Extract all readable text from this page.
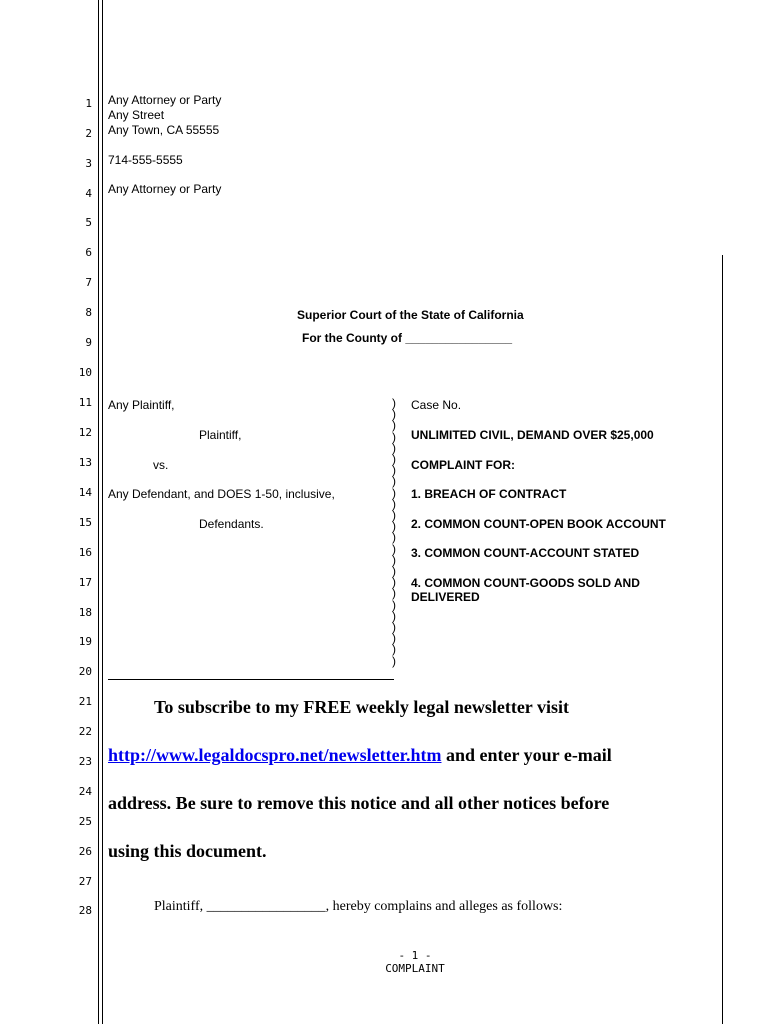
1
2
3
4
5
6
7
8
9
10
11
12
13
14
15
16
17
18
19
20
21
22
23
24
25
26
27
28
Any Attorney or Party
Any Street
Any Town, CA 55555
714-555-5555
Any Attorney or Party
Superior Court of the State of California
For the County of ________________
Any Plaintiff,
Plaintiff,
vs.
Any Defendant, and DOES 1-50, inclusive,
Defendants.
)
)
)
)
)
)
)
)
)
)
)
)
)
)
)
)
)
)
)
)
)
)
)
)
Case No.
UNLIMITED CIVIL, DEMAND OVER $25,000
COMPLAINT FOR:
1. BREACH OF CONTRACT
2. COMMON COUNT-OPEN BOOK ACCOUNT
3. COMMON COUNT-ACCOUNT STATED
4. COMMON COUNT-GOODS SOLD AND
DELIVERED
To subscribe to my FREE weekly legal newsletter visit
http://www.legaldocspro.net/newsletter.htm and enter your e-mail
address. Be sure to remove this notice and all other notices before
using this document.
Plaintiff, _________________, hereby complains and alleges as follows:
- 1 -
COMPLAINT
